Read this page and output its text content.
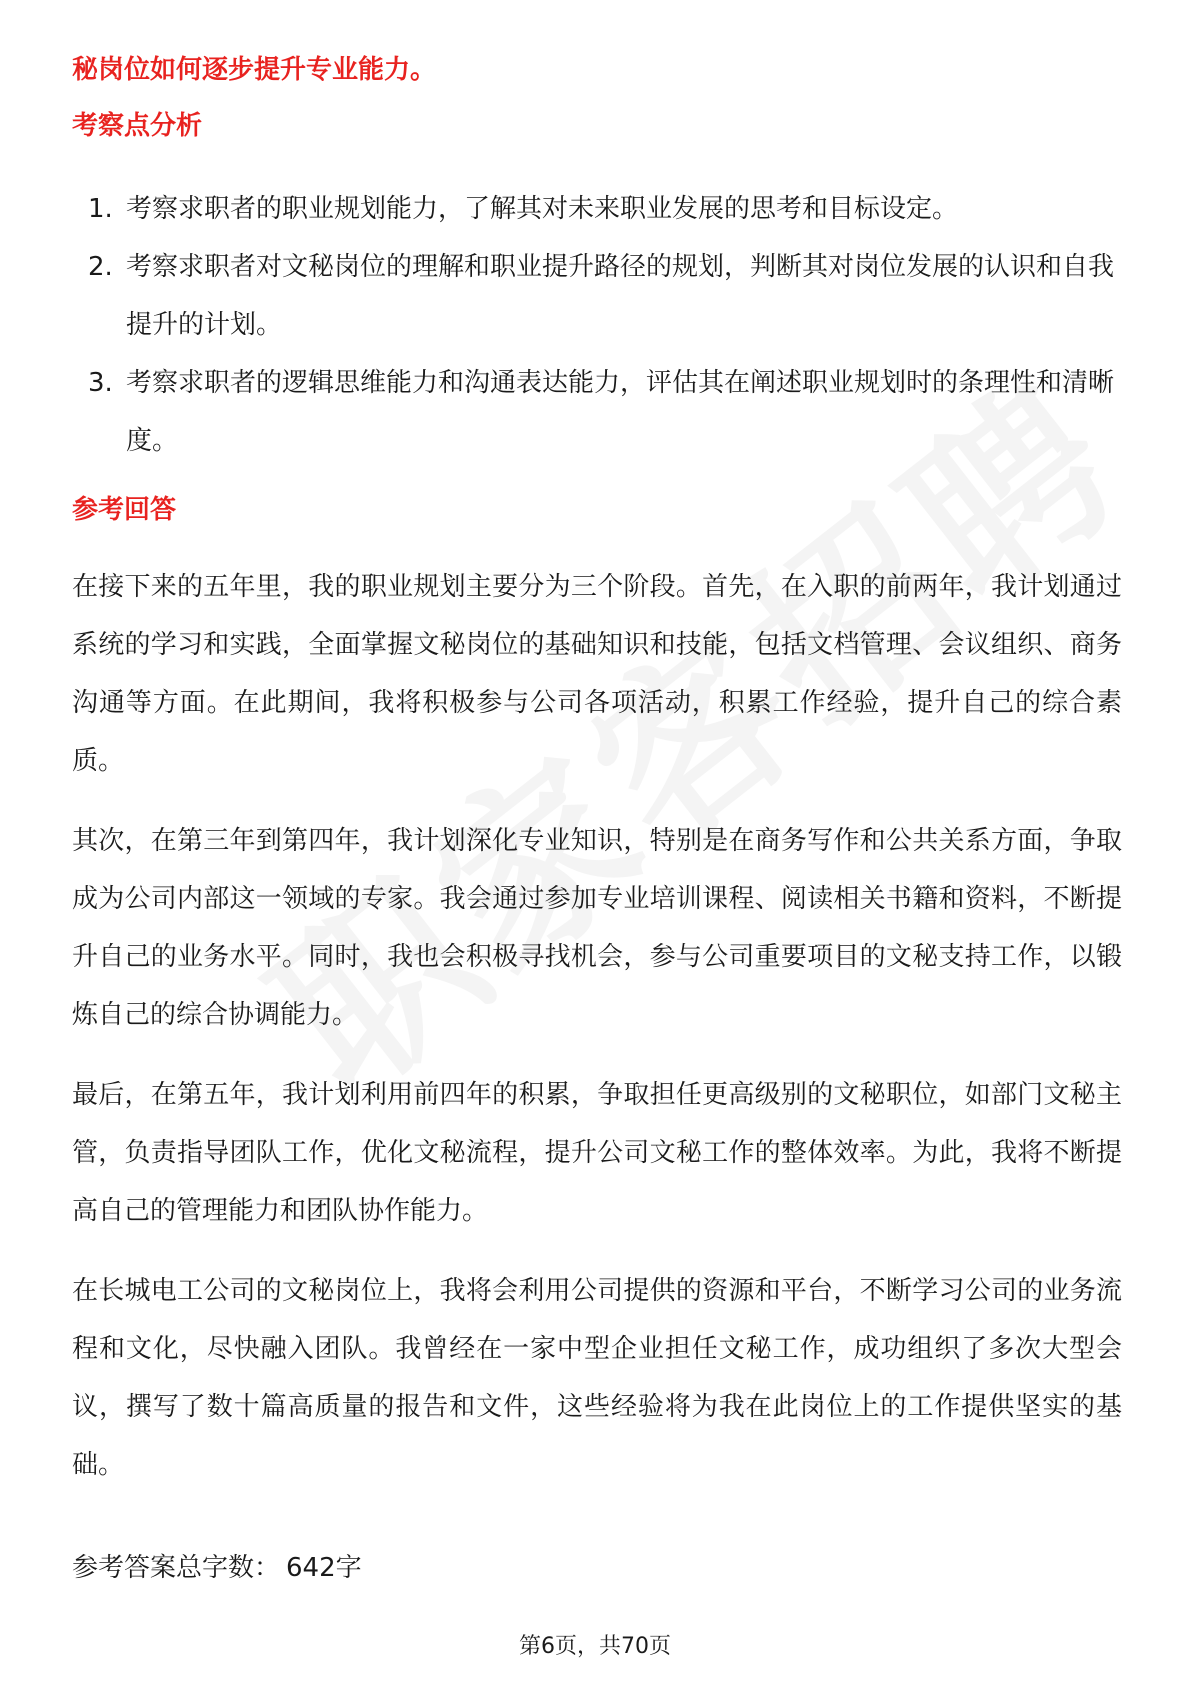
秘岗位如何逐步提升专业能力。

考察点分析
1. 考察求职者的职业规划能力，了解其对未来职业发展的思考和目标设定。
2. 考察求职者对文秘岗位的理解和职业提升路径的规划，判断其对岗位发展的认识和自我提升的计划。
3. 考察求职者的逻辑思维能力和沟通表达能力，评估其在阐述职业规划时的条理性和清晰度。
参考回答

在接下来的五年里，我的职业规划主要分为三个阶段。首先，在入职的前两年，我计划通过系统的学习和实践，全面掌握文秘岗位的基础知识和技能，包括文档管理、会议组织、商务沟通等方面。在此期间，我将积极参与公司各项活动，积累工作经验，提升自己的综合素质。

其次，在第三年到第四年，我计划深化专业知识，特别是在商务写作和公共关系方面，争取成为公司内部这一领域的专家。我会通过参加专业培训课程、阅读相关书籍和资料，不断提升自己的业务水平。同时，我也会积极寻找机会，参与公司重要项目的文秘支持工作，以锻炼自己的综合协调能力。

最后，在第五年，我计划利用前四年的积累，争取担任更高级别的文秘职位，如部门文秘主管，负责指导团队工作，优化文秘流程，提升公司文秘工作的整体效率。为此，我将不断提高自己的管理能力和团队协作能力。

在长城电工公司的文秘岗位上，我将会利用公司提供的资源和平台，不断学习公司的业务流程和文化，尽快融入团队。我曾经在一家中型企业担任文秘工作，成功组织了多次大型会议，撰写了数十篇高质量的报告和文件，这些经验将为我在此岗位上的工作提供坚实的基础。

参考答案总字数： 642字

第6页，共70页
